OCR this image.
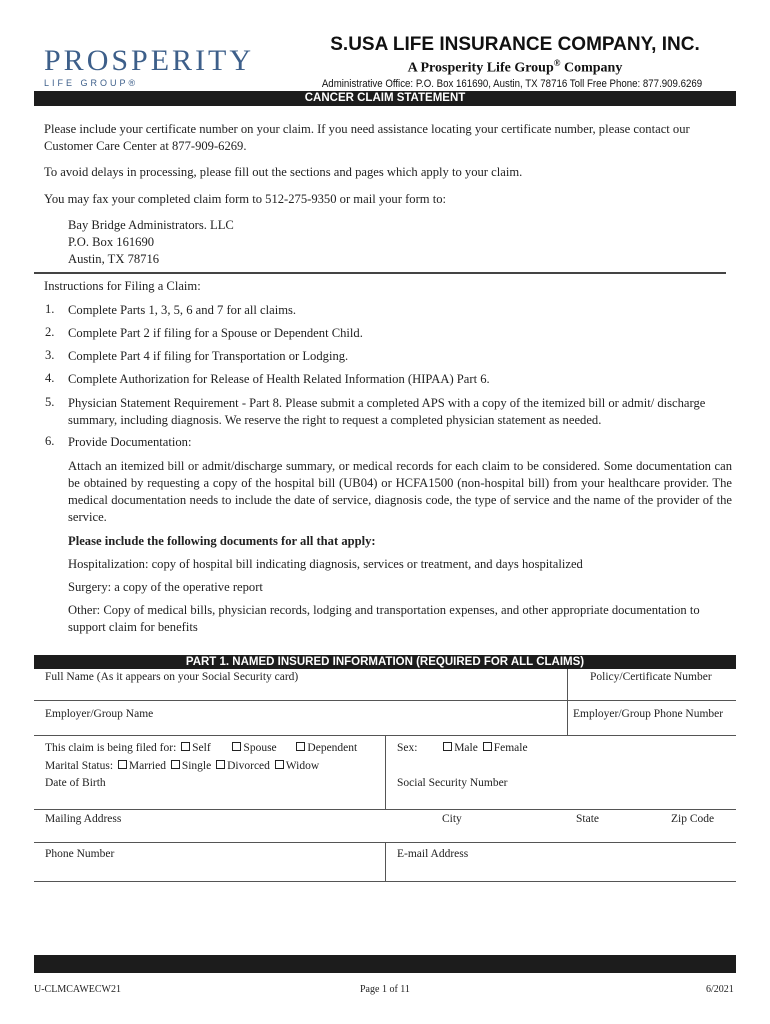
PROSPERITY
LIFE GROUP®
S.USA LIFE INSURANCE COMPANY, INC.
A Prosperity Life Group® Company
Administrative Office: P.O. Box 161690, Austin, TX 78716 Toll Free Phone: 877.909.6269
CANCER CLAIM STATEMENT
Please include your certificate number on your claim. If you need assistance locating your certificate number, please contact our Customer Care Center at 877-909-6269.
To avoid delays in processing, please fill out the sections and pages which apply to your claim.
You may fax your completed claim form to 512-275-9350 or mail your form to:
Bay Bridge Administrators. LLC
P.O. Box 161690
Austin, TX 78716
Instructions for Filing a Claim:
1. Complete Parts 1, 3, 5, 6 and 7 for all claims.
2. Complete Part 2 if filing for a Spouse or Dependent Child.
3. Complete Part 4 if filing for Transportation or Lodging.
4. Complete Authorization for Release of Health Related Information (HIPAA) Part 6.
5. Physician Statement Requirement - Part 8. Please submit a completed APS with a copy of the itemized bill or admit/ discharge summary, including diagnosis. We reserve the right to request a completed physician statement as needed.
6. Provide Documentation:
Attach an itemized bill or admit/discharge summary, or medical records for each claim to be considered. Some documentation can be obtained by requesting a copy of the hospital bill (UB04) or HCFA1500 (non-hospital bill) from your healthcare provider. The medical documentation needs to include the date of service, diagnosis code, the type of service and the name of the provider of the service.
Please include the following documents for all that apply:
Hospitalization: copy of hospital bill indicating diagnosis, services or treatment, and days hospitalized
Surgery: a copy of the operative report
Other: Copy of medical bills, physician records, lodging and transportation expenses, and other appropriate documentation to support claim for benefits
PART 1. NAMED INSURED INFORMATION (REQUIRED FOR ALL CLAIMS)
Full Name (As it appears on your Social Security card)	Policy/Certificate Number
Employer/Group Name	Employer/Group Phone Number
This claim is being filed for: Self	Spouse	Dependent	Sex:	Male Female
Marital Status: Married Single Divorced Widow
Date of Birth	Social Security Number
Mailing Address	City	State	Zip Code
Phone Number	E-mail Address
U-CLMCAWECW21	Page 1 of 11	6/2021
